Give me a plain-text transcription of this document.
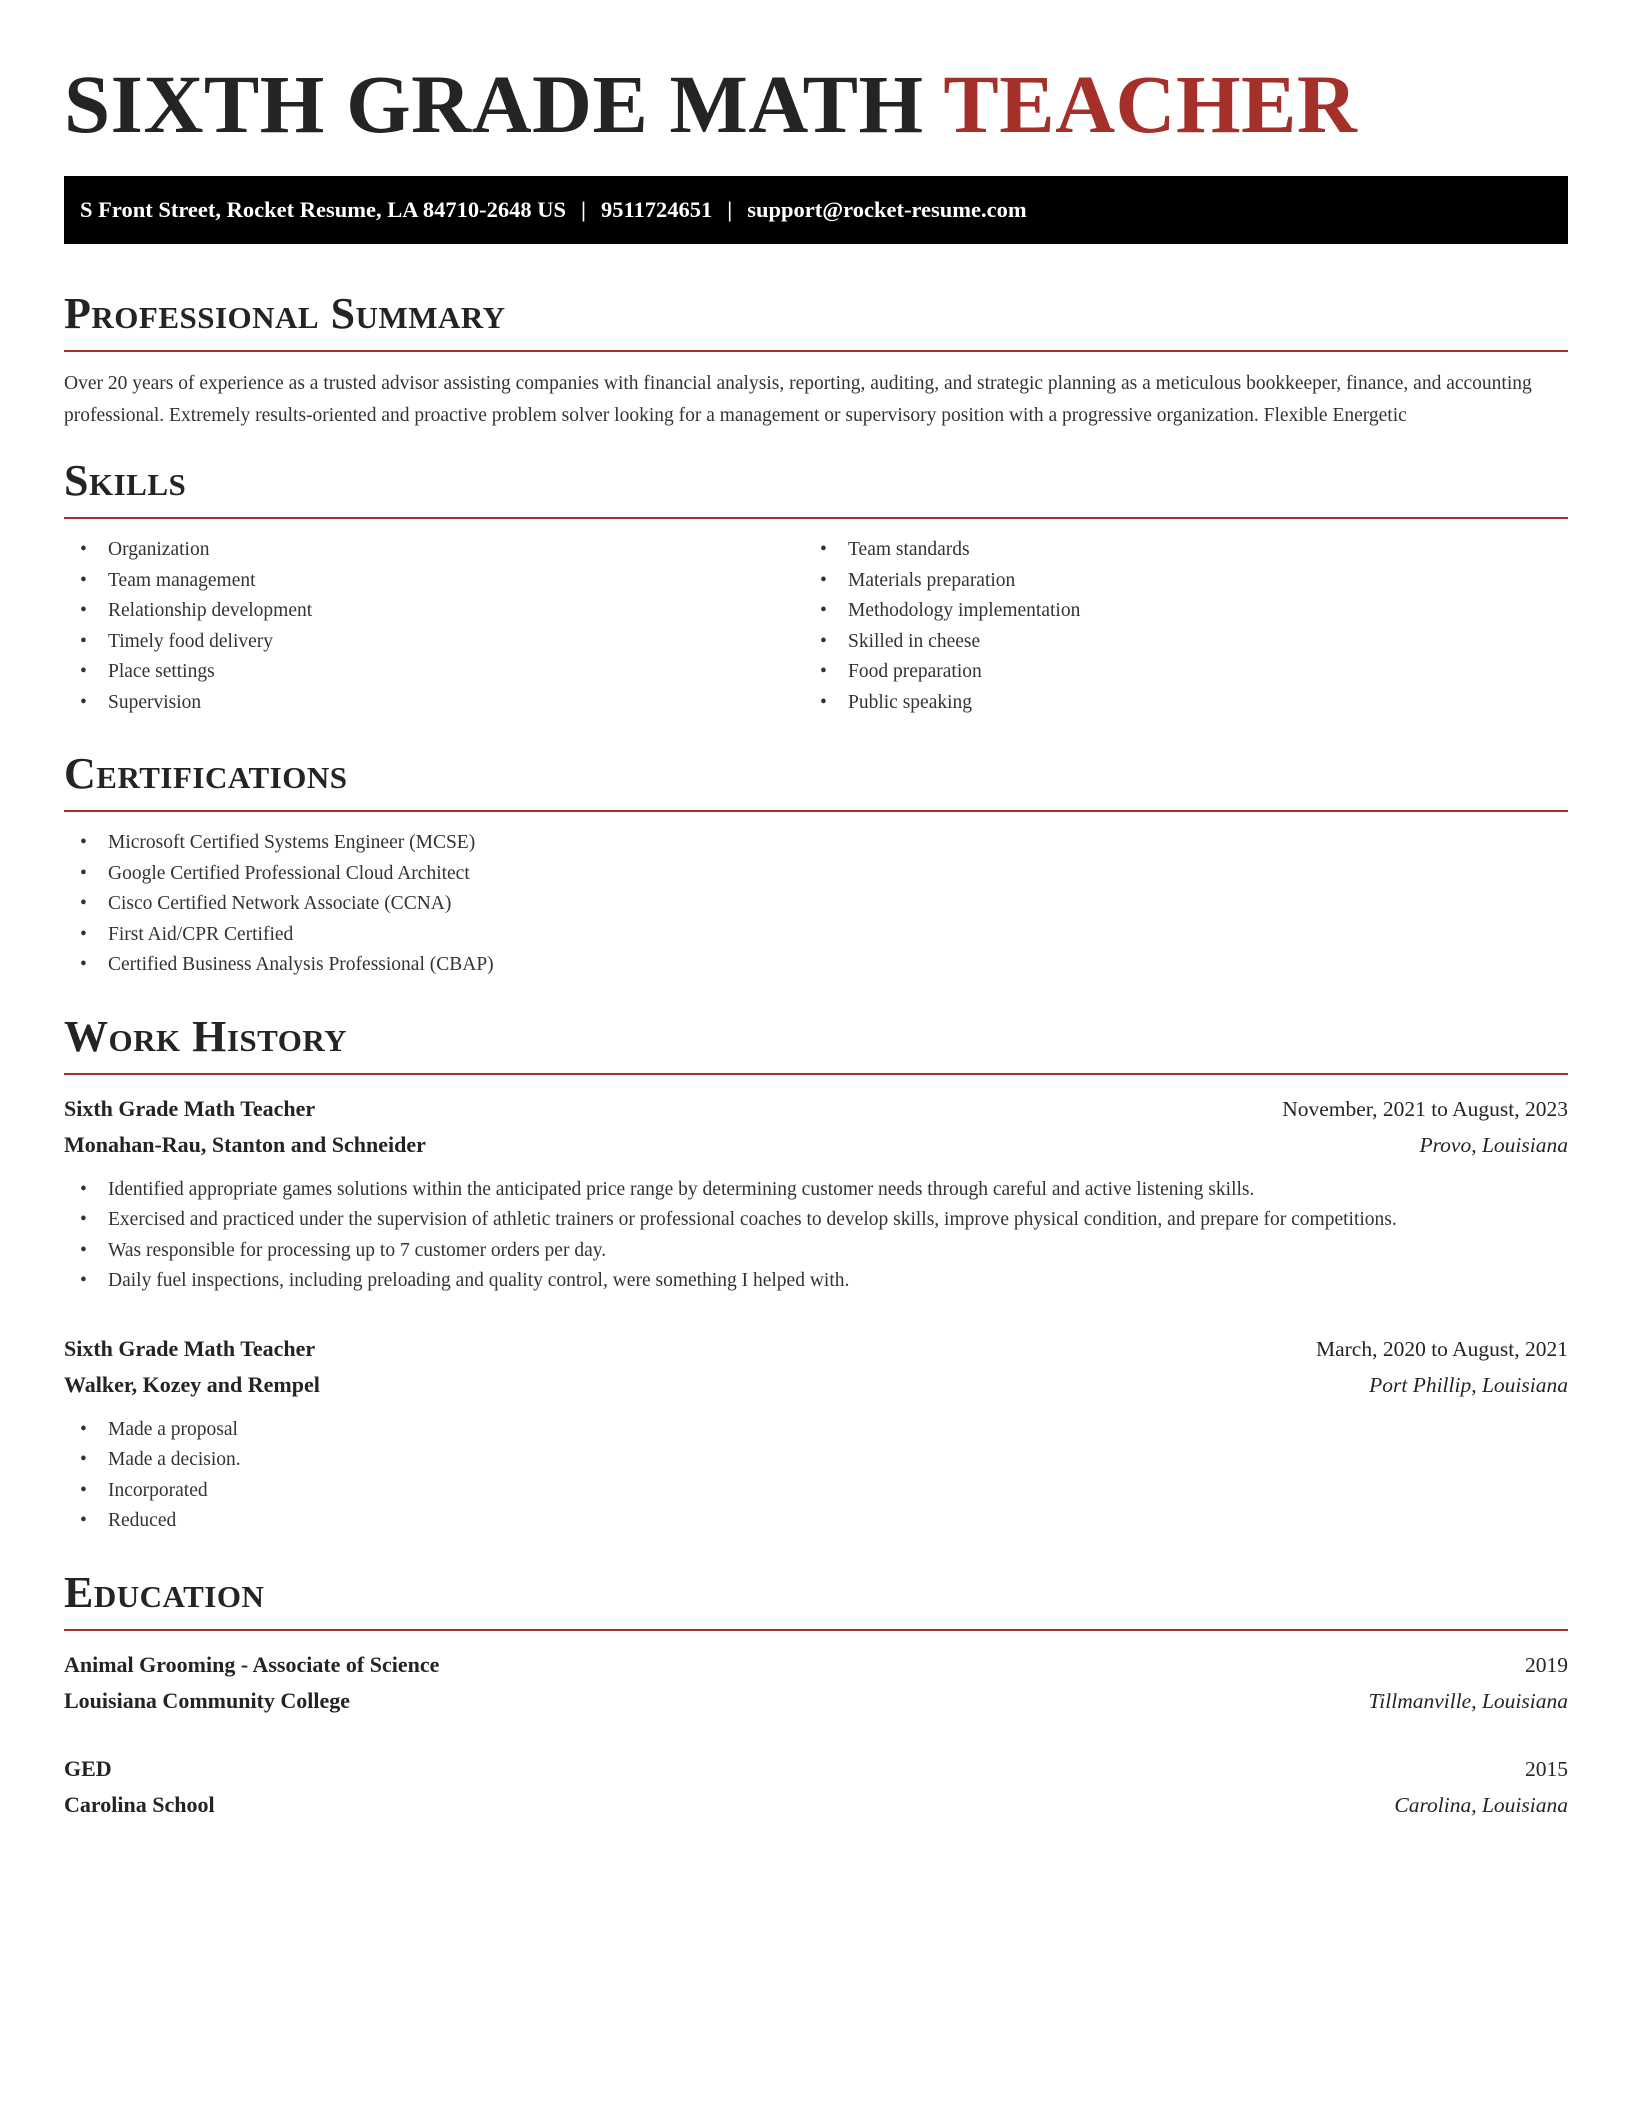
SIXTH GRADE MATH TEACHER
S Front Street, Rocket Resume, LA 84710-2648 US | 9511724651 | support@rocket-resume.com
Professional Summary

Over 20 years of experience as a trusted advisor assisting companies with financial analysis, reporting, auditing, and strategic planning as a meticulous bookkeeper, finance, and accounting professional. Extremely results-oriented and proactive problem solver looking for a management or supervisory position with a progressive organization. Flexible Energetic

Skills
• Organization
• Team management
• Relationship development
• Timely food delivery
• Place settings
• Supervision
• Team standards
• Materials preparation
• Methodology implementation
• Skilled in cheese
• Food preparation
• Public speaking
Certifications
• Microsoft Certified Systems Engineer (MCSE)
• Google Certified Professional Cloud Architect
• Cisco Certified Network Associate (CCNA)
• First Aid/CPR Certified
• Certified Business Analysis Professional (CBAP)
Work History
Sixth Grade Math Teacher	November, 2021 to August, 2023
Monahan-Rau, Stanton and Schneider	Provo, Louisiana
• Identified appropriate games solutions within the anticipated price range by determining customer needs through careful and active listening skills.
• Exercised and practiced under the supervision of athletic trainers or professional coaches to develop skills, improve physical condition, and prepare for competitions.
• Was responsible for processing up to 7 customer orders per day.
• Daily fuel inspections, including preloading and quality control, were something I helped with.
Sixth Grade Math Teacher	March, 2020 to August, 2021
Walker, Kozey and Rempel	Port Phillip, Louisiana
• Made a proposal
• Made a decision.
• Incorporated
• Reduced
Education
Animal Grooming - Associate of Science	2019
Louisiana Community College	Tillmanville, Louisiana
GED	2015
Carolina School	Carolina, Louisiana
